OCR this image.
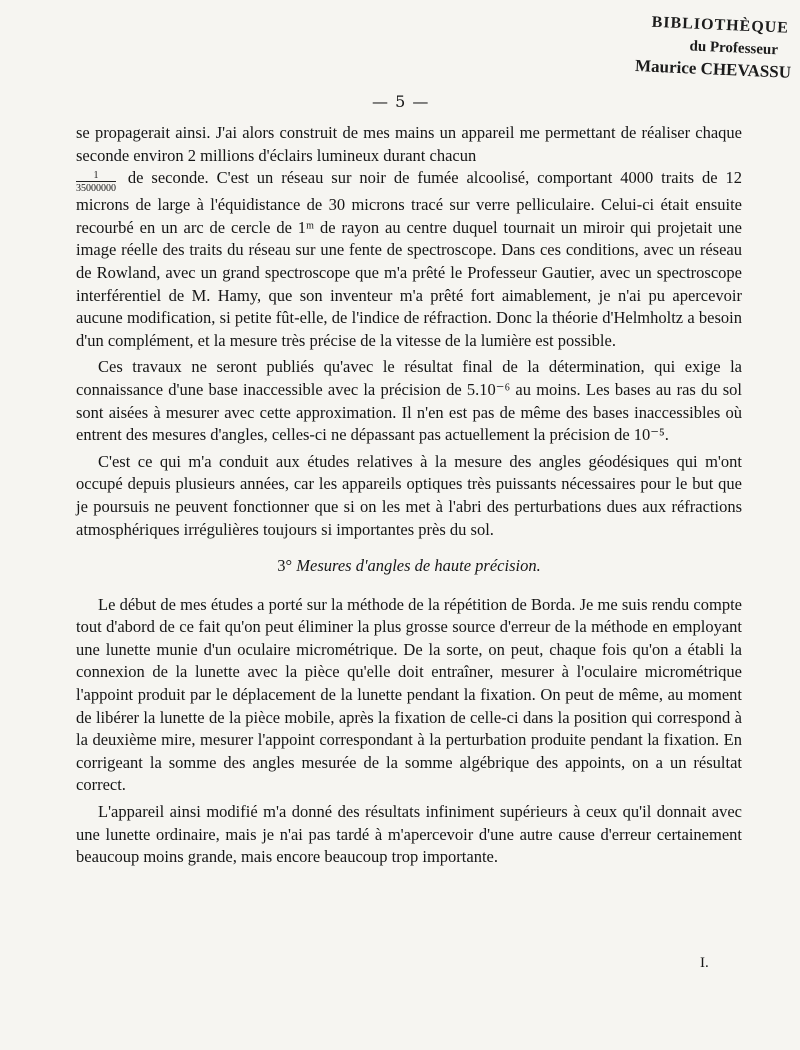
BIBLIOTHÈQUE
du Professeur
Maurice CHEVASSU
— 5 —

se propagerait ainsi. J'ai alors construit de mes mains un appareil me permettant de réaliser chaque seconde environ 2 millions d'éclairs lumineux durant chacun

$\frac{1}{35000000}$ de seconde. C'est un réseau sur noir de fumée alcoolisé, comportant 4000 traits de 12 microns de large à l'équidistance de 30 microns tracé sur verre pelliculaire. Celui-ci était ensuite recourbé en un arc de cercle de 1ᵐ de rayon au centre duquel tournait un miroir qui projetait une image réelle des traits du réseau sur une fente de spectroscope. Dans ces conditions, avec un réseau de Rowland, avec un grand spectroscope que m'a prêté le Professeur Gautier, avec un spectroscope interférentiel de M. Hamy, que son inventeur m'a prêté fort aimablement, je n'ai pu apercevoir aucune modification, si petite fût-elle, de l'indice de réfraction. Donc la théorie d'Helmholtz a besoin d'un complément, et la mesure très précise de la vitesse de la lumière est possible.

Ces travaux ne seront publiés qu'avec le résultat final de la détermination, qui exige la connaissance d'une base inaccessible avec la précision de 5.10⁻⁶ au moins. Les bases au ras du sol sont aisées à mesurer avec cette approximation. Il n'en est pas de même des bases inaccessibles où entrent des mesures d'angles, celles-ci ne dépassant pas actuellement la précision de 10⁻⁵.

C'est ce qui m'a conduit aux études relatives à la mesure des angles géodésiques qui m'ont occupé depuis plusieurs années, car les appareils optiques très puissants nécessaires pour le but que je poursuis ne peuvent fonctionner que si on les met à l'abri des perturbations dues aux réfractions atmosphériques irrégulières toujours si importantes près du sol.

3° Mesures d'angles de haute précision.

Le début de mes études a porté sur la méthode de la répétition de Borda. Je me suis rendu compte tout d'abord de ce fait qu'on peut éliminer la plus grosse source d'erreur de la méthode en employant une lunette munie d'un oculaire micrométrique. De la sorte, on peut, chaque fois qu'on a établi la connexion de la lunette avec la pièce qu'elle doit entraîner, mesurer à l'oculaire micrométrique l'appoint produit par le déplacement de la lunette pendant la fixation. On peut de même, au moment de libérer la lunette de la pièce mobile, après la fixation de celle-ci dans la position qui correspond à la deuxième mire, mesurer l'appoint correspondant à la perturbation produite pendant la fixation. En corrigeant la somme des angles mesurée de la somme algébrique des appoints, on a un résultat correct.

L'appareil ainsi modifié m'a donné des résultats infiniment supérieurs à ceux qu'il donnait avec une lunette ordinaire, mais je n'ai pas tardé à m'apercevoir d'une autre cause d'erreur certainement beaucoup moins grande, mais encore beaucoup trop importante.

I.
